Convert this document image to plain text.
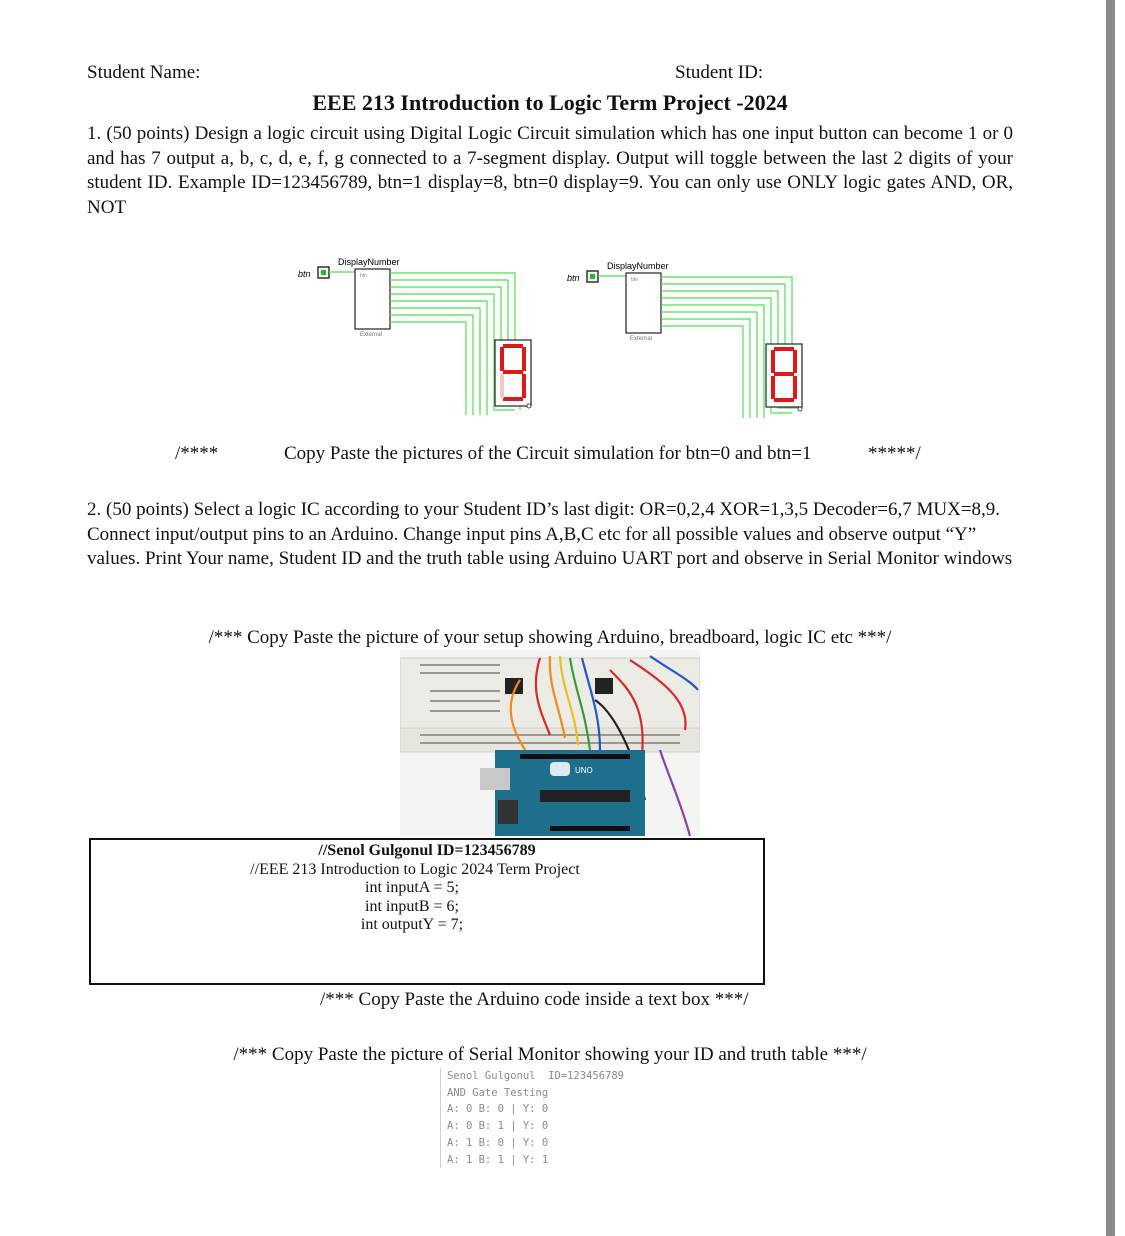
Student Name:	Student ID:
EEE 213 Introduction to Logic Term Project -2024
1. (50 points) Design a logic circuit using Digital Logic Circuit simulation which has one input button can become 1 or 0 and has 7 output a, b, c, d, e, f, g connected to a 7-segment display. Output will toggle between the last 2 digits of your student ID. Example ID=123456789, btn=1 display=8, btn=0 display=9. You can only use ONLY logic gates AND, OR, NOT
btn
DisplayNumber
btn
External
btn
DisplayNumber
btn
External
/****	Copy Paste the pictures of the Circuit simulation for btn=0 and btn=1	*****/
2. (50 points) Select a logic IC according to your Student ID’s last digit: OR=0,2,4 XOR=1,3,5 Decoder=6,7 MUX=8,9. Connect input/output pins to an Arduino. Change input pins A,B,C etc for all possible values and observe output “Y” values. Print Your name, Student ID and the truth table using Arduino UART port and observe in Serial Monitor windows
/*** Copy Paste the picture of your setup showing Arduino, breadboard, logic IC etc ***/
UNO
//Senol Gulgonul ID=123456789
//EEE 213 Introduction to Logic 2024 Term Project
int inputA = 5;
int inputB = 6;
int outputY = 7;
/*** Copy Paste the Arduino code inside a text box ***/
/*** Copy Paste the picture of Serial Monitor showing your ID and truth table ***/
Senol Gulgonul  ID=123456789
AND Gate Testing
A: 0 B: 0 | Y: 0
A: 0 B: 1 | Y: 0
A: 1 B: 0 | Y: 0
A: 1 B: 1 | Y: 1
